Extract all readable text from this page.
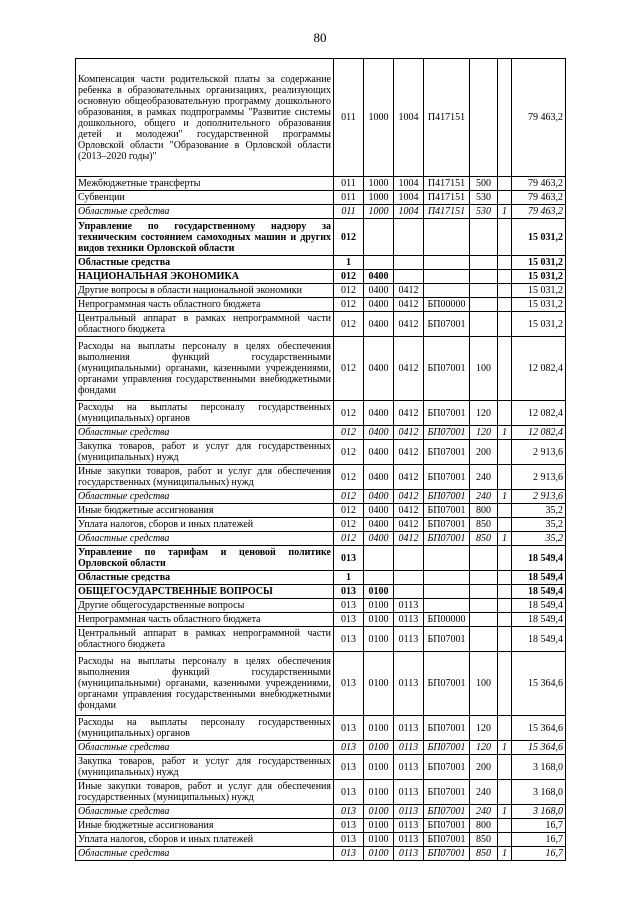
80
Компенсация части родительской платы за содержание ребенка в образовательных организациях, реализующих основную общеобразовательную программу дошкольного образования, в рамках подпрограммы "Развитие системы дошкольного, общего и дополнительного образования детей и молодежи" государственной программы Орловской области "Образование в Орловской области (2013–2020 годы)"	011	1000	1004	П417151			79 463,2
Межбюджетные трансферты	011	1000	1004	П417151	500		79 463,2
Субвенции	011	1000	1004	П417151	530		79 463,2
Областные средства	011	1000	1004	П417151	530	1	79 463,2
Управление по государственному надзору за техническим состоянием самоходных машин и других видов техники Орловской области	012						15 031,2
Областные средства	1						15 031,2
НАЦИОНАЛЬНАЯ ЭКОНОМИКА	012	0400					15 031,2
Другие вопросы в области национальной экономики	012	0400	0412				15 031,2
Непрограммная часть областного бюджета	012	0400	0412	БП00000			15 031,2
Центральный аппарат в рамках непрограммной части областного бюджета	012	0400	0412	БП07001			15 031,2
Расходы на выплаты персоналу в целях обеспечения выполнения функций государственными (муниципальными) органами, казенными учреждениями, органами управления государственными внебюджетными фондами	012	0400	0412	БП07001	100		12 082,4
Расходы на выплаты персоналу государственных (муниципальных) органов	012	0400	0412	БП07001	120		12 082,4
Областные средства	012	0400	0412	БП07001	120	1	12 082,4
Закупка товаров, работ и услуг для государственных (муниципальных) нужд	012	0400	0412	БП07001	200		2 913,6
Иные закупки товаров, работ и услуг для обеспечения государственных (муниципальных) нужд	012	0400	0412	БП07001	240		2 913,6
Областные средства	012	0400	0412	БП07001	240	1	2 913,6
Иные бюджетные ассигнования	012	0400	0412	БП07001	800		35,2
Уплата налогов, сборов и иных платежей	012	0400	0412	БП07001	850		35,2
Областные средства	012	0400	0412	БП07001	850	1	35,2
Управление по тарифам и ценовой политике Орловской области	013						18 549,4
Областные средства	1						18 549,4
ОБЩЕГОСУДАРСТВЕННЫЕ ВОПРОСЫ	013	0100					18 549,4
Другие общегосударственные вопросы	013	0100	0113				18 549,4
Непрограммная часть областного бюджета	013	0100	0113	БП00000			18 549,4
Центральный аппарат в рамках непрограммной части областного бюджета	013	0100	0113	БП07001			18 549,4
Расходы на выплаты персоналу в целях обеспечения выполнения функций государственными (муниципальными) органами, казенными учреждениями, органами управления государственными внебюджетными фондами	013	0100	0113	БП07001	100		15 364,6
Расходы на выплаты персоналу государственных (муниципальных) органов	013	0100	0113	БП07001	120		15 364,6
Областные средства	013	0100	0113	БП07001	120	1	15 364,6
Закупка товаров, работ и услуг для государственных (муниципальных) нужд	013	0100	0113	БП07001	200		3 168,0
Иные закупки товаров, работ и услуг для обеспечения государственных (муниципальных) нужд	013	0100	0113	БП07001	240		3 168,0
Областные средства	013	0100	0113	БП07001	240	1	3 168,0
Иные бюджетные ассигнования	013	0100	0113	БП07001	800		16,7
Уплата налогов, сборов и иных платежей	013	0100	0113	БП07001	850		16,7
Областные средства	013	0100	0113	БП07001	850	1	16,7
